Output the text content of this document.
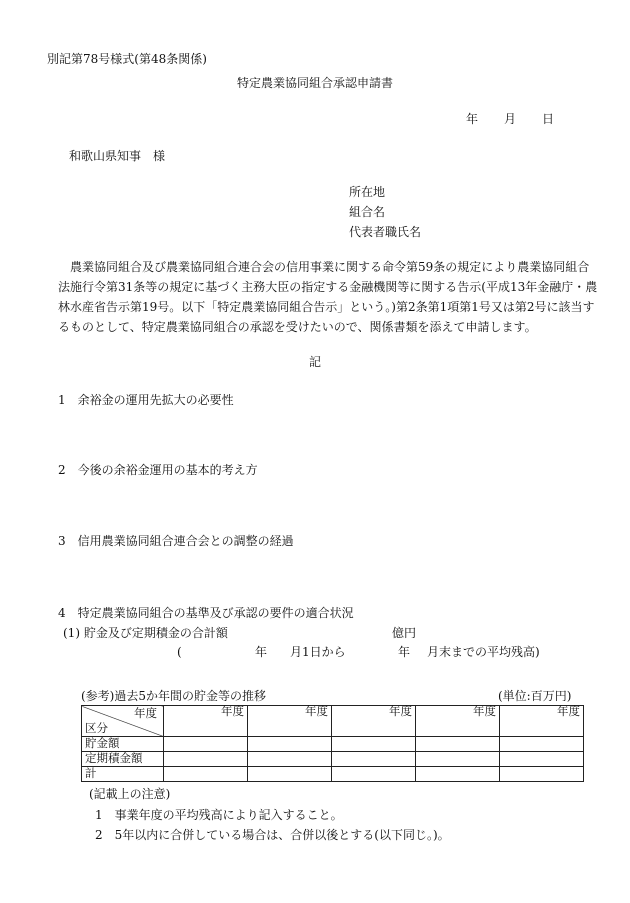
別記第78号様式(第48条関係)
特定農業協同組合承認申請書
年 月 日
和歌山県知事　様
所在地
組合名
代表者職氏名
農業協同組合及び農業協同組合連合会の信用事業に関する命令第59条の規定により農業協同組合
法施行令第31条等の規定に基づく主務大臣の指定する金融機関等に関する告示(平成13年金融庁・農
林水産省告示第19号。以下「特定農業協同組合告示」という。)第2条第1項第1号又は第2号に該当す
るものとして、特定農業協同組合の承認を受けたいので、関係書類を添えて申請します。
記
1　余裕金の運用先拡大の必要性
2　今後の余裕金運用の基本的考え方
3　信用農業協同組合連合会との調整の経過
4　特定農業協同組合の基準及び承認の要件の適合状況
(1) 貯金及び定期積金の合計額	億円
(	年 月1日から	年 月末までの平均残高)
(参考)過去5か年間の貯金等の推移	(単位:百万円)
年度
区分	年度	年度	年度	年度	年度
貯金額					
定期積金額					
計					
(記載上の注意)
1　事業年度の平均残高により記入すること。
2　5年以内に合併している場合は、合併以後とする(以下同じ。)。
